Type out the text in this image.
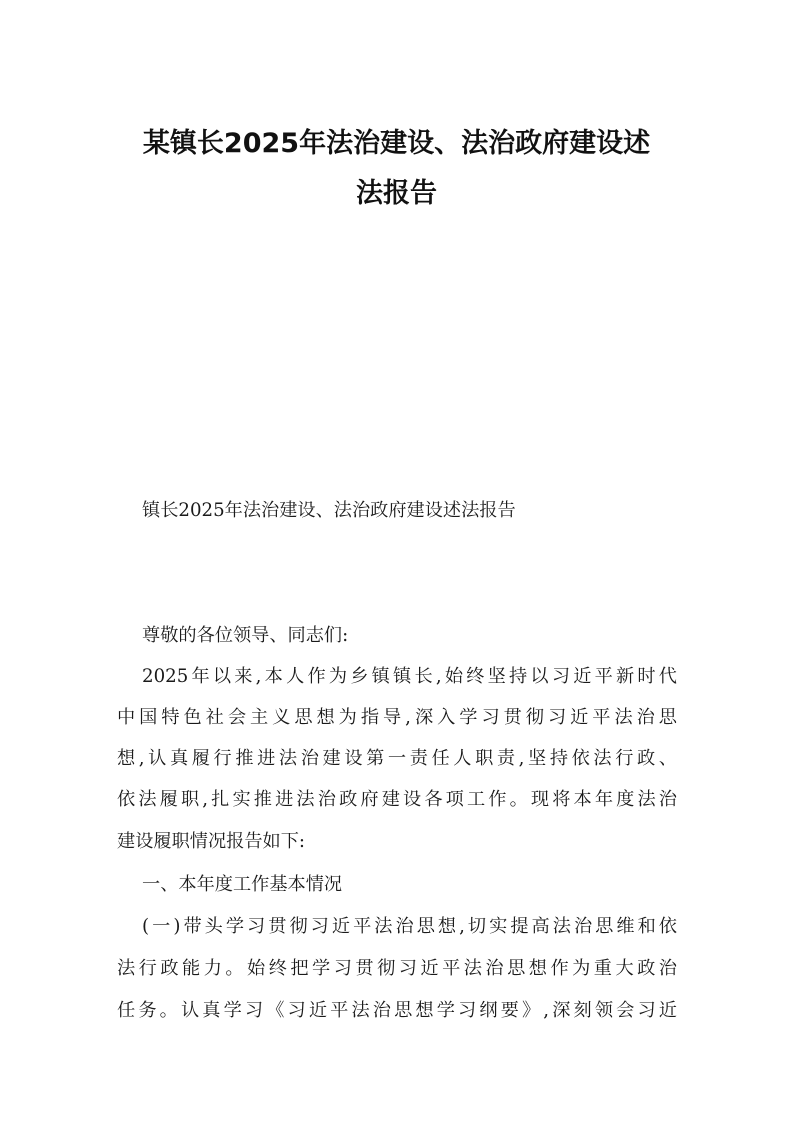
某镇长2025年法治建设、法治政府建设述
法报告
镇长2025年法治建设、法治政府建设述法报告
尊敬的各位领导、同志们:
2025年以来,本人作为乡镇镇长,始终坚持以习近平新时代
中国特色社会主义思想为指导,深入学习贯彻习近平法治思
想,认真履行推进法治建设第一责任人职责,坚持依法行政、
依法履职,扎实推进法治政府建设各项工作。现将本年度法治
建设履职情况报告如下:
一、本年度工作基本情况
(一)带头学习贯彻习近平法治思想,切实提高法治思维和依
法行政能力。始终把学习贯彻习近平法治思想作为重大政治
任务。认真学习《习近平法治思想学习纲要》,深刻领会习近
